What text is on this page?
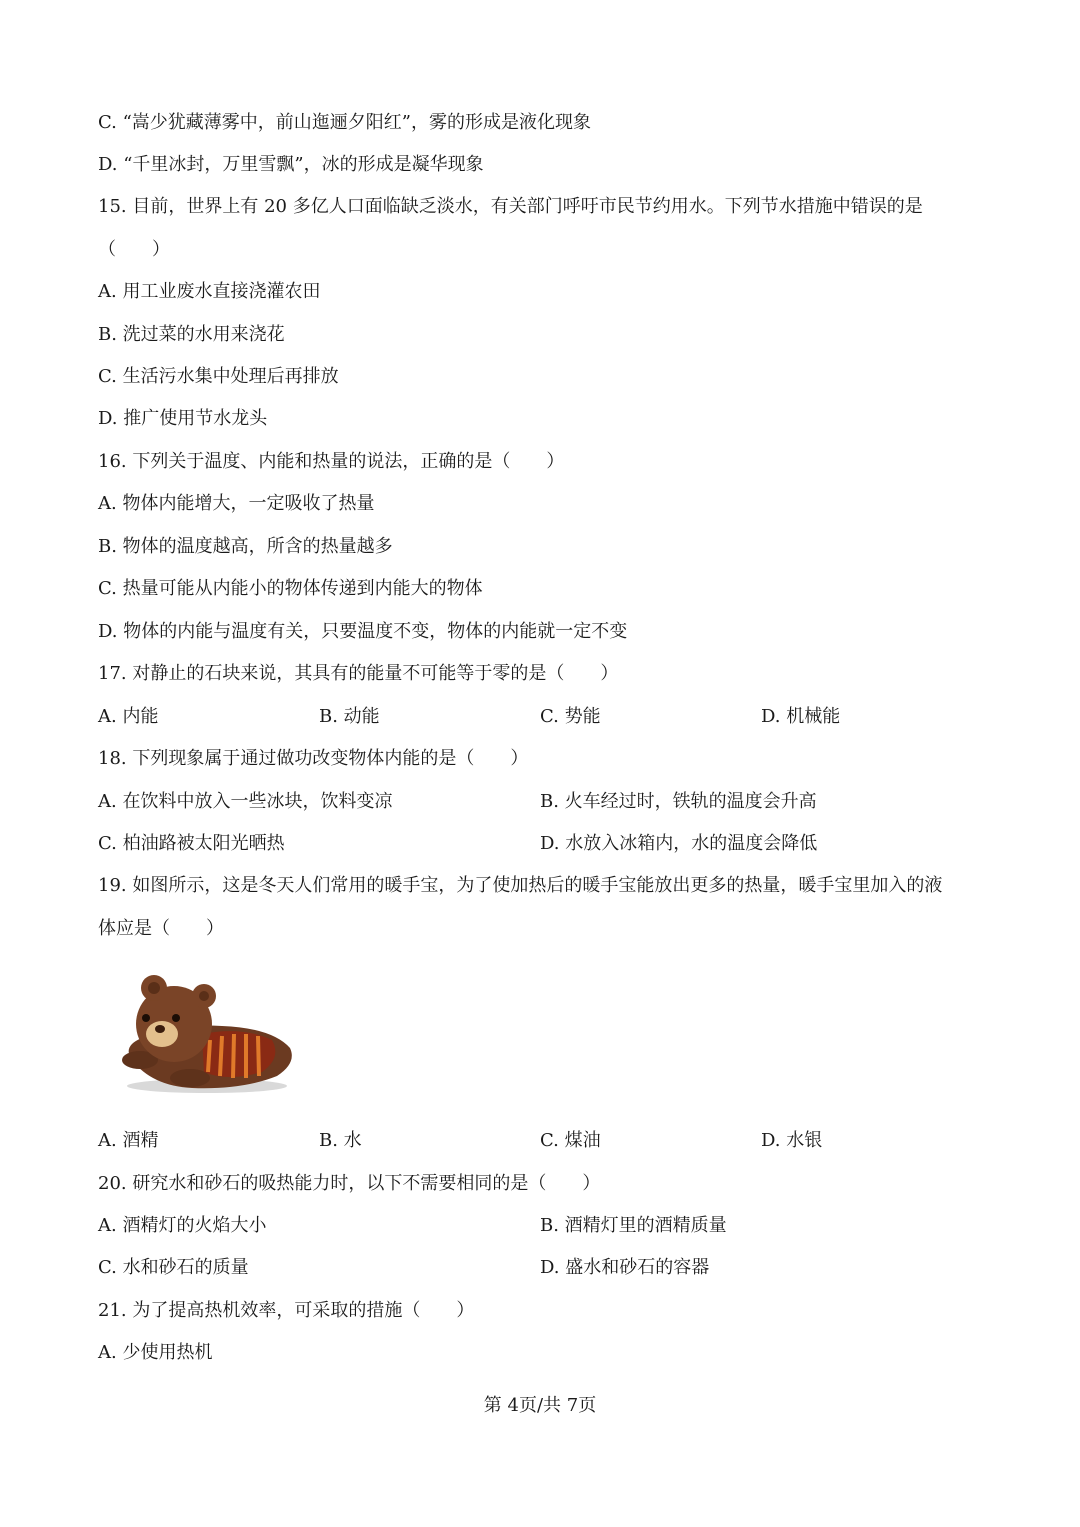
C. “嵩少犹藏薄雾中，前山迤逦夕阳红”，雾的形成是液化现象
D. “千里冰封，万里雪飘”，冰的形成是凝华现象
15. 目前，世界上有 20 多亿人口面临缺乏淡水，有关部门呼吁市民节约用水。下列节水措施中错误的是
（　　）
A. 用工业废水直接浇灌农田
B. 洗过菜的水用来浇花
C. 生活污水集中处理后再排放
D. 推广使用节水龙头
16. 下列关于温度、内能和热量的说法，正确的是（　　）
A. 物体内能增大，一定吸收了热量
B. 物体的温度越高，所含的热量越多
C. 热量可能从内能小的物体传递到内能大的物体
D. 物体的内能与温度有关，只要温度不变，物体的内能就一定不变
17. 对静止的石块来说，其具有的能量不可能等于零的是（　　）
A. 内能	B. 动能	C. 势能	D. 机械能
18. 下列现象属于通过做功改变物体内能的是（　　）
A. 在饮料中放入一些冰块，饮料变凉	B. 火车经过时，铁轨的温度会升高
C. 柏油路被太阳光晒热	D. 水放入冰箱内，水的温度会降低
19. 如图所示，这是冬天人们常用的暖手宝，为了使加热后的暖手宝能放出更多的热量，暖手宝里加入的液
体应是（　　）
A. 酒精	B. 水	C. 煤油	D. 水银
20. 研究水和砂石的吸热能力时，以下不需要相同的是（　　）
A. 酒精灯的火焰大小	B. 酒精灯里的酒精质量
C. 水和砂石的质量	D. 盛水和砂石的容器
21. 为了提高热机效率，可采取的措施（　　）
A. 少使用热机
第 4页/共 7页
